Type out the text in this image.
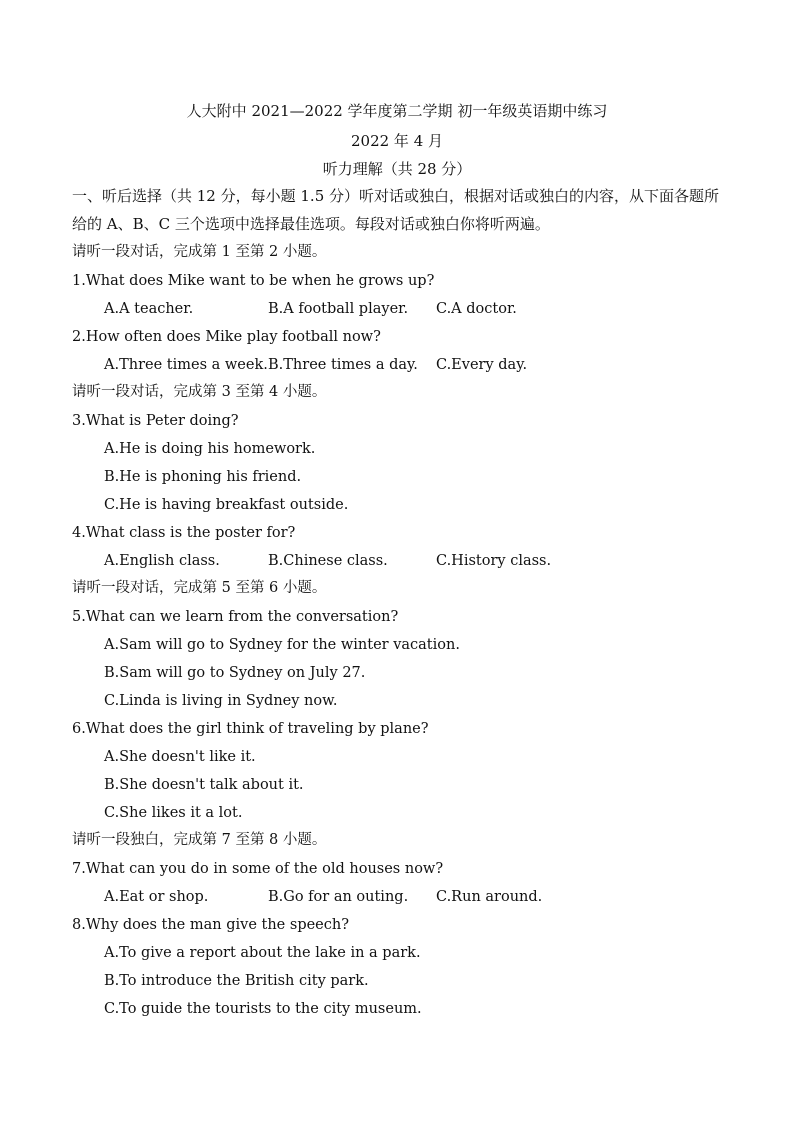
人大附中 2021—2022 学年度第二学期 初一年级英语期中练习
2022 年 4 月
听力理解（共 28 分）
一、听后选择（共 12 分，每小题 1.5 分）听对话或独白，根据对话或独白的内容，从下面各题所给的 A、B、C 三个选项中选择最佳选项。每段对话或独白你将听两遍。
请听一段对话，完成第 1 至第 2 小题。
1.What does Mike want to be when he grows up?
A.A teacher.	B.A football player. C.A doctor.
2.How often does Mike play football now?
A.Three times a week. B.Three times a day. C.Every day.
请听一段对话，完成第 3 至第 4 小题。
3.What is Peter doing?
A.He is doing his homework.
B.He is phoning his friend.
C.He is having breakfast outside.
4.What class is the poster for?
A.English class.	B.Chinese class.	C.History class.
请听一段对话，完成第 5 至第 6 小题。
5.What can we learn from the conversation?
A.Sam will go to Sydney for the winter vacation.
B.Sam will go to Sydney on July 27.
C.Linda is living in Sydney now.
6.What does the girl think of traveling by plane?
A.She doesn't like it.
B.She doesn't talk about it.
C.She likes it a lot.
请听一段独白，完成第 7 至第 8 小题。
7.What can you do in some of the old houses now?
A.Eat or shop.	B.Go for an outing. C.Run around.
8.Why does the man give the speech?
A.To give a report about the lake in a park.
B.To introduce the British city park.
C.To guide the tourists to the city museum.
